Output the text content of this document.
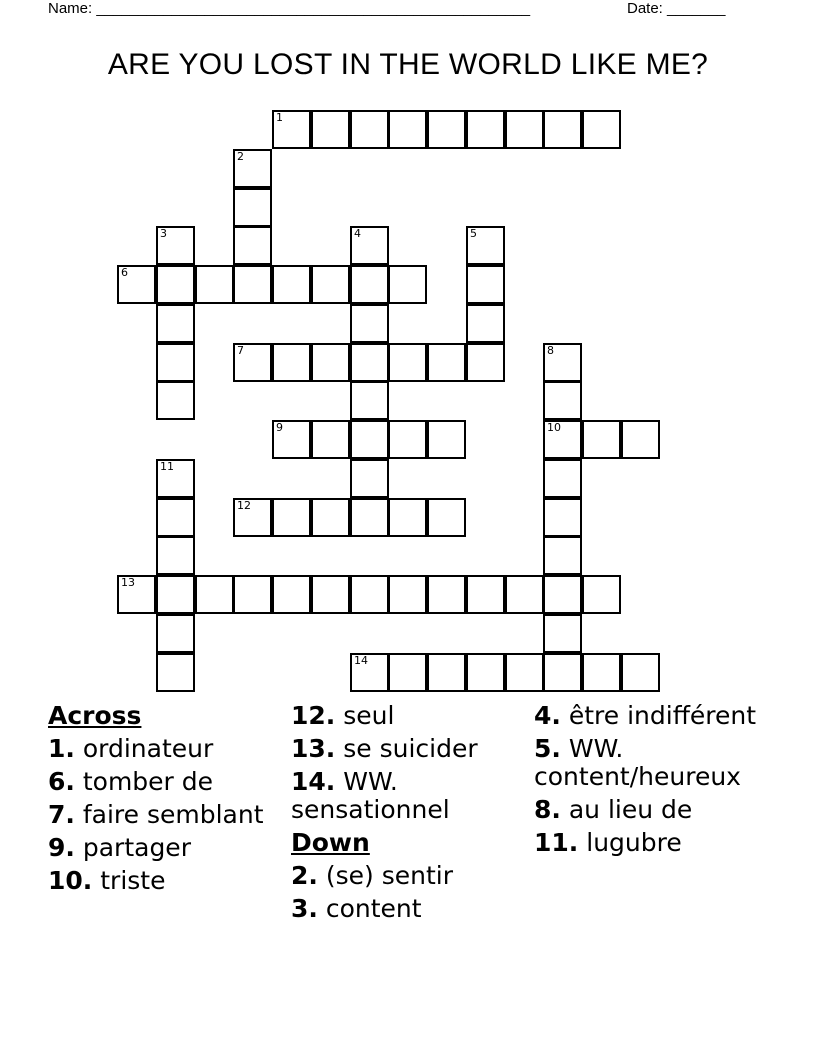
Name: ____________________________________________________	Date: _______
ARE YOU LOST IN THE WORLD LIKE ME?
1
2
3	4	5
6
7	8
9	10
11
12
13
14
Across
1. ordinateur
6. tomber de
7. faire semblant
9. partager
10. triste
12. seul
13. se suicider
14. WW. sensationnel
Down
2. (se) sentir
3. content
4. être indifférent
5. WW. content/heureux
8. au lieu de
11. lugubre
